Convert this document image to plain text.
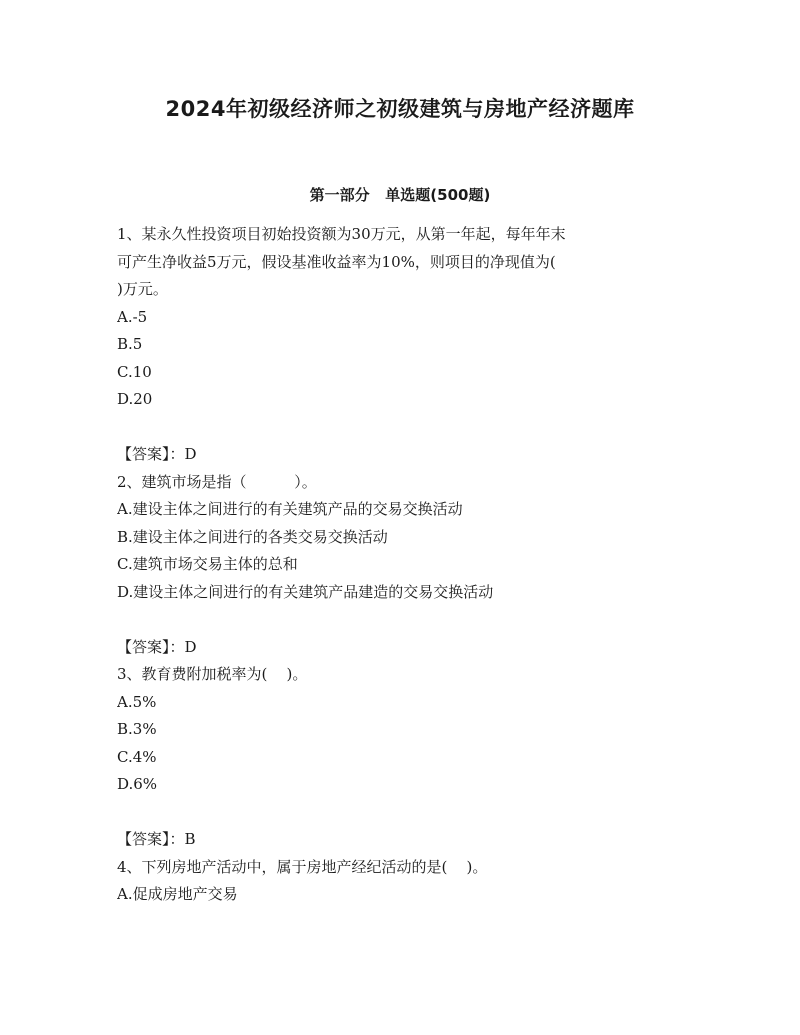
2024年初级经济师之初级建筑与房地产经济题库
第一部分   单选题(500题)
1、某永久性投资项目初始投资额为30万元，从第一年起，每年年末
可产生净收益5万元，假设基准收益率为10%，则项目的净现值为(
)万元。
A.-5
B.5
C.10
D.20
【答案】：D
2、建筑市场是指（          ）。
A.建设主体之间进行的有关建筑产品的交易交换活动
B.建设主体之间进行的各类交易交换活动
C.建筑市场交易主体的总和
D.建设主体之间进行的有关建筑产品建造的交易交换活动
【答案】：D
3、教育费附加税率为(    )。
A.5%
B.3%
C.4%
D.6%
【答案】：B
4、下列房地产活动中，属于房地产经纪活动的是(    )。
A.促成房地产交易
